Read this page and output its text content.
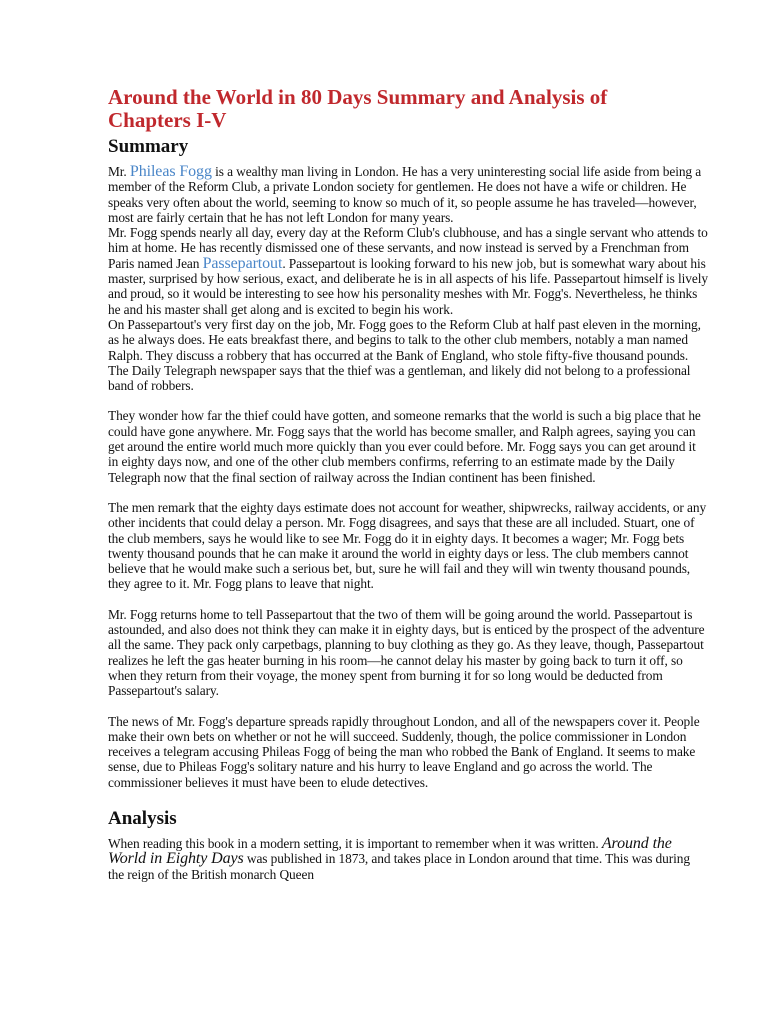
Around the World in 80 Days Summary and Analysis of
Chapters I-V
Summary

Mr. Phileas Fogg is a wealthy man living in London. He has a very uninteresting social life aside from being a member of the Reform Club, a private London society for gentlemen. He does not have a wife or children. He speaks very often about the world, seeming to know so much of it, so people assume he has traveled—however, most are fairly certain that he has not left London for many years.

Mr. Fogg spends nearly all day, every day at the Reform Club's clubhouse, and has a single servant who attends to him at home. He has recently dismissed one of these servants, and now instead is served by a Frenchman from Paris named Jean Passepartout. Passepartout is looking forward to his new job, but is somewhat wary about his master, surprised by how serious, exact, and deliberate he is in all aspects of his life. Passepartout himself is lively and proud, so it would be interesting to see how his personality meshes with Mr. Fogg's. Nevertheless, he thinks he and his master shall get along and is excited to begin his work.

On Passepartout's very first day on the job, Mr. Fogg goes to the Reform Club at half past eleven in the morning, as he always does. He eats breakfast there, and begins to talk to the other club members, notably a man named Ralph. They discuss a robbery that has occurred at the Bank of England, who stole fifty-five thousand pounds. The Daily Telegraph newspaper says that the thief was a gentleman, and likely did not belong to a professional band of robbers.

They wonder how far the thief could have gotten, and someone remarks that the world is such a big place that he could have gone anywhere. Mr. Fogg says that the world has become smaller, and Ralph agrees, saying you can get around the entire world much more quickly than you ever could before. Mr. Fogg says you can get around it in eighty days now, and one of the other club members confirms, referring to an estimate made by the Daily Telegraph now that the final section of railway across the Indian continent has been finished.

The men remark that the eighty days estimate does not account for weather, shipwrecks, railway accidents, or any other incidents that could delay a person. Mr. Fogg disagrees, and says that these are all included. Stuart, one of the club members, says he would like to see Mr. Fogg do it in eighty days. It becomes a wager; Mr. Fogg bets twenty thousand pounds that he can make it around the world in eighty days or less. The club members cannot believe that he would make such a serious bet, but, sure he will fail and they will win twenty thousand pounds, they agree to it. Mr. Fogg plans to leave that night.

Mr. Fogg returns home to tell Passepartout that the two of them will be going around the world. Passepartout is astounded, and also does not think they can make it in eighty days, but is enticed by the prospect of the adventure all the same. They pack only carpetbags, planning to buy clothing as they go. As they leave, though, Passepartout realizes he left the gas heater burning in his room—he cannot delay his master by going back to turn it off, so when they return from their voyage, the money spent from burning it for so long would be deducted from Passepartout's salary.

The news of Mr. Fogg's departure spreads rapidly throughout London, and all of the newspapers cover it. People make their own bets on whether or not he will succeed. Suddenly, though, the police commissioner in London receives a telegram accusing Phileas Fogg of being the man who robbed the Bank of England. It seems to make sense, due to Phileas Fogg's solitary nature and his hurry to leave England and go across the world. The commissioner believes it must have been to elude detectives.

Analysis

When reading this book in a modern setting, it is important to remember when it was written. Around the World in Eighty Days was published in 1873, and takes place in London around that time. This was during the reign of the British monarch Queen
